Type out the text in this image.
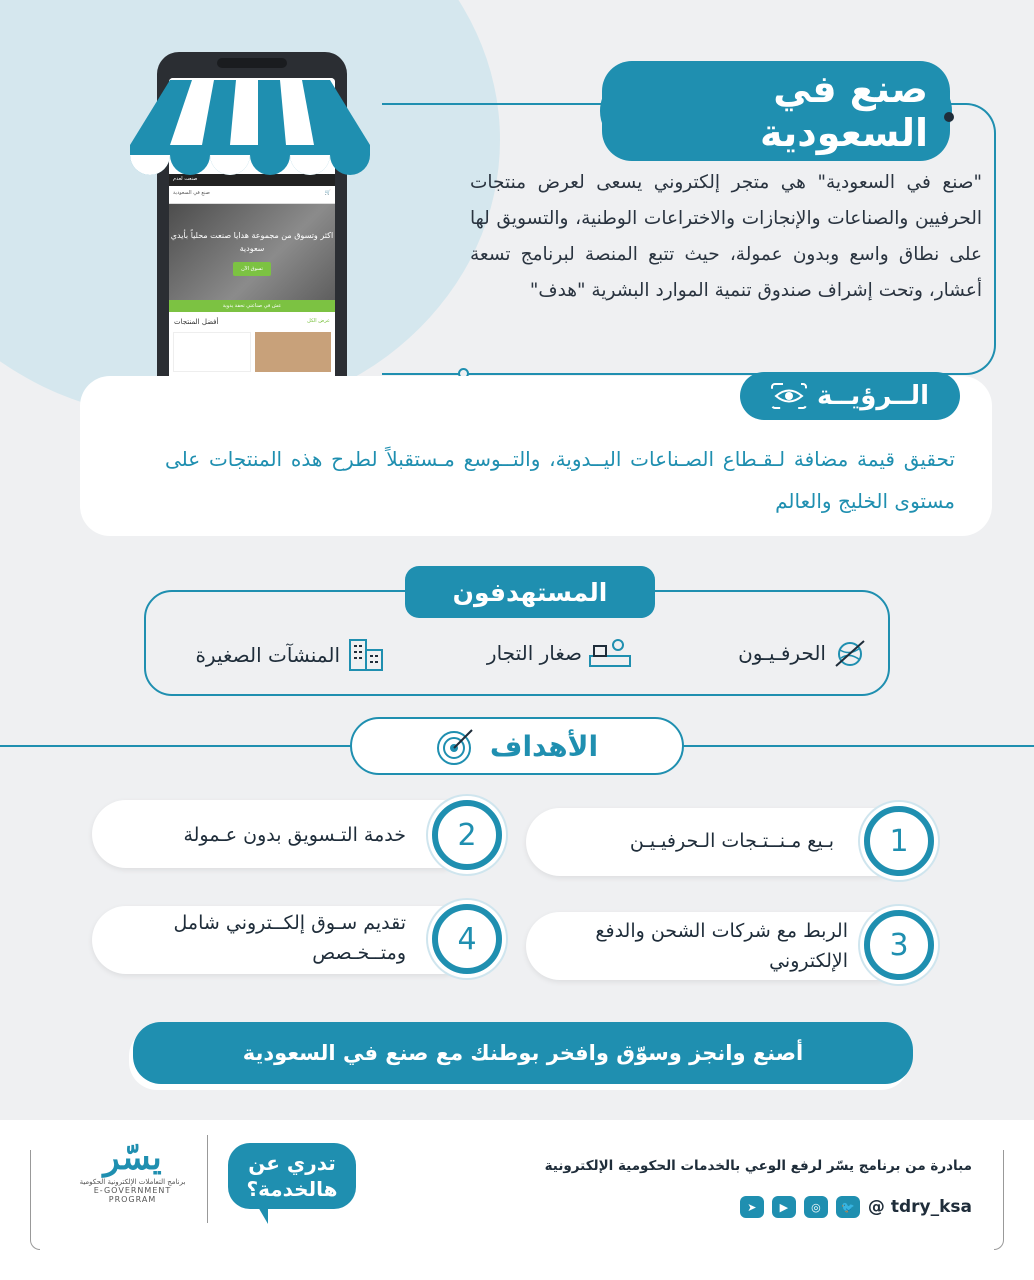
صنعت لعدم
🛒
صنع في السعودية
اكثر وتسوق من مجموعة هدايا صنعت محلياً بأيدي سعودية
تسوق الآن
عش في صناعتي تحفة يدوية
عرض الكل
أفضل المنتجات
صنع في السعودية
"صنع في السعودية" هي متجر إلكتروني يسعى لعرض منتجات الحرفيين والصناعات والإنجازات والاختراعات الوطنية، والتسويق لها على نطاق واسع وبدون عمولة، حيث تتبع المنصة لبرنامج تسعة أعشار، وتحت إشراف صندوق تنمية الموارد البشرية "هدف"
الــرؤيــة
تحقيق قيمة مضافة لـقـطاع الصـناعات اليــدوية، والتــوسع مـستقبلاً لطرح هذه المنتجات على مستوى الخليج والعالم
المستهدفون
الحرفـيـون
صغار التجار
المنشآت الصغيرة
الأهداف
بـيع مـنــتـجات الـحرفيـيـن	1
خدمة التـسويق بدون عـمولة	2
الربط مع شركات الشحن والدفع الإلكتروني	3
تقديم سـوق إلكــتروني شامل ومتــخـصص	4
أصنع وانجز وسوّق وافخر بوطنك مع صنع في السعودية
مبادرة من برنامج يسّر لرفع الوعي بالخدمات الحكومية الإلكترونية
tdry_ksa @
🐦
◎
▶
➤
تدري عن هالخدمة؟
يسّر
برنامج التعاملات الإلكترونية الحكومية
E-GOVERNMENT PROGRAM
